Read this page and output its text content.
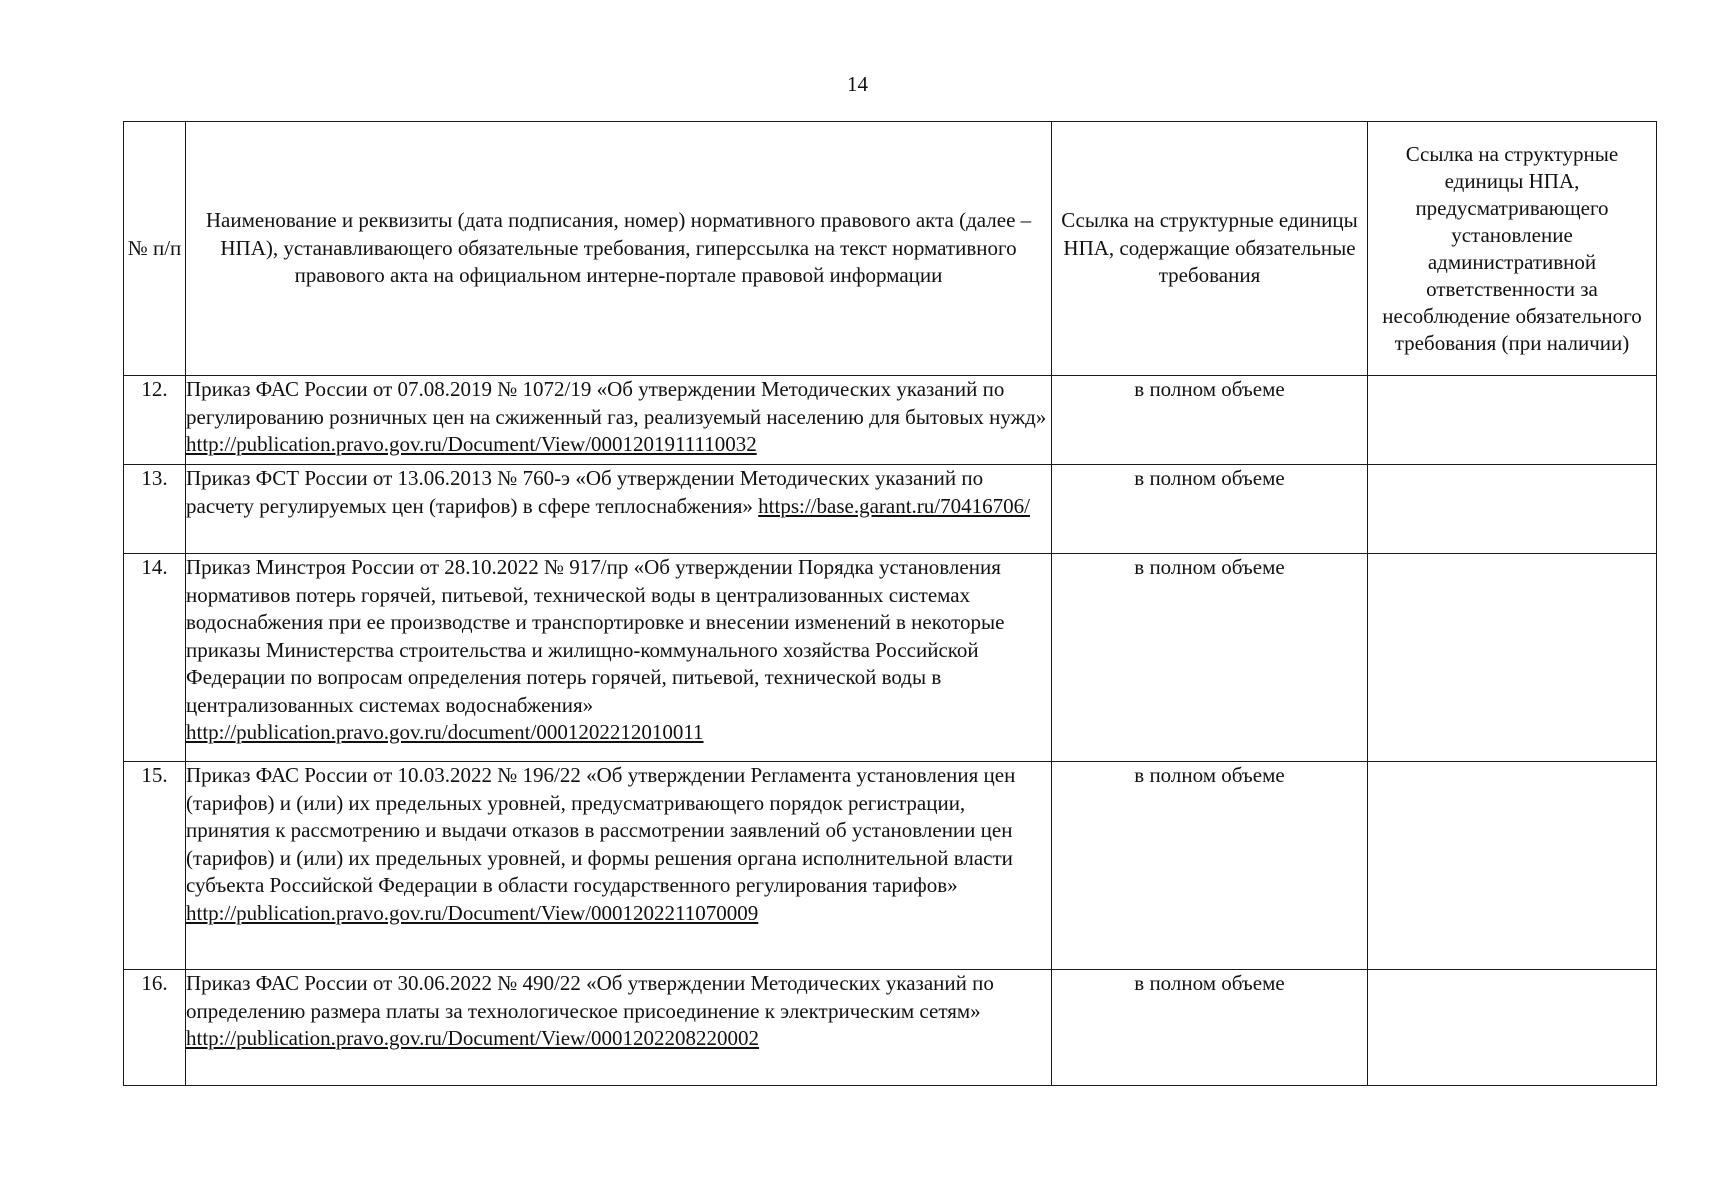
14
№ п/п	Наименование и реквизиты (дата подписания, номер) нормативного правового акта (далее – НПА), устанавливающего обязательные требования, гиперссылка на текст нормативного правового акта на официальном интерне-портале правовой информации	Ссылка на структурные единицы НПА, содержащие обязательные требования	Ссылка на структурные единицы НПА, предусматривающего установление административной ответственности за несоблюдение обязательного требования (при наличии)
12.	Приказ ФАС России от 07.08.2019 № 1072/19 «Об утверждении Методических указаний по регулированию розничных цен на сжиженный газ, реализуемый населению для бытовых нужд» http://publication.pravo.gov.ru/Document/View/0001201911110032	в полном объеме	
13.	Приказ ФСТ России от 13.06.2013 № 760-э «Об утверждении Методических указаний по расчету регулируемых цен (тарифов) в сфере теплоснабжения» https://base.garant.ru/70416706/	в полном объеме	
14.	Приказ Минстроя России от 28.10.2022 № 917/пр «Об утверждении Порядка установления нормативов потерь горячей, питьевой, технической воды в централизованных системах водоснабжения при ее производстве и транспортировке и внесении изменений в некоторые приказы Министерства строительства и жилищно-коммунального хозяйства Российской Федерации по вопросам определения потерь горячей, питьевой, технической воды в централизованных системах водоснабжения» http://publication.pravo.gov.ru/document/0001202212010011	в полном объеме	
15.	Приказ ФАС России от 10.03.2022 № 196/22 «Об утверждении Регламента установления цен (тарифов) и (или) их предельных уровней, предусматривающего порядок регистрации, принятия к рассмотрению и выдачи отказов в рассмотрении заявлений об установлении цен (тарифов) и (или) их предельных уровней, и формы решения органа исполнительной власти субъекта Российской Федерации в области государственного регулирования тарифов» http://publication.pravo.gov.ru/Document/View/0001202211070009	в полном объеме	
16.	Приказ ФАС России от 30.06.2022 № 490/22 «Об утверждении Методических указаний по определению размера платы за технологическое присоединение к электрическим сетям» http://publication.pravo.gov.ru/Document/View/0001202208220002	в полном объеме	
